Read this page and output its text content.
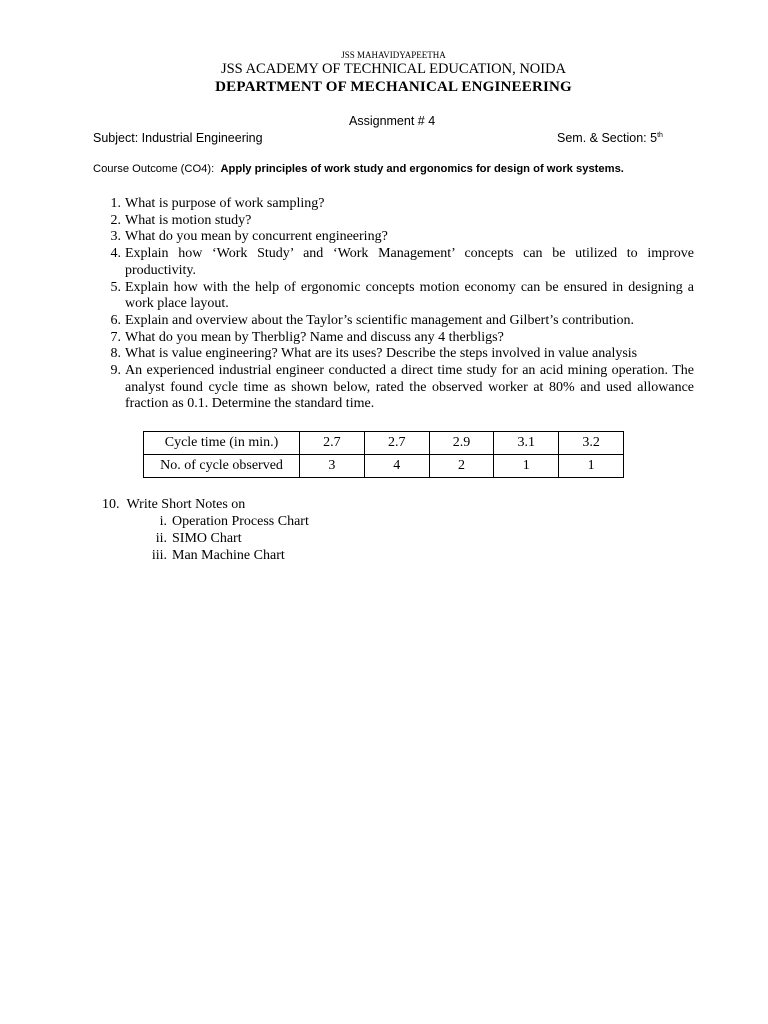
JSS MAHAVIDYAPEETHA
JSS ACADEMY OF TECHNICAL EDUCATION, NOIDA
DEPARTMENT OF MECHANICAL ENGINEERING
Assignment # 4
Subject: Industrial Engineering	Sem. & Section: 5th
Course Outcome (CO4): Apply principles of work study and ergonomics for design of work systems.
1. What is purpose of work sampling?
2. What is motion study?
3. What do you mean by concurrent engineering?
4. Explain how ‘Work Study’ and ‘Work Management’ concepts can be utilized to improve productivity.
5. Explain how with the help of ergonomic concepts motion economy can be ensured in designing a work place layout.
6. Explain and overview about the Taylor’s scientific management and Gilbert’s contribution.
7. What do you mean by Therblig? Name and discuss any 4 therbligs?
8. What is value engineering? What are its uses? Describe the steps involved in value analysis
9. An experienced industrial engineer conducted a direct time study for an acid mining operation. The analyst found cycle time as shown below, rated the observed worker at 80% and used allowance fraction as 0.1. Determine the standard time.
Cycle time (in min.)	2.7	2.7	2.9	3.1	3.2
No. of cycle observed	3	4	2	1	1
10. Write Short Notes on
i. Operation Process Chart
ii. SIMO Chart
iii. Man Machine Chart
